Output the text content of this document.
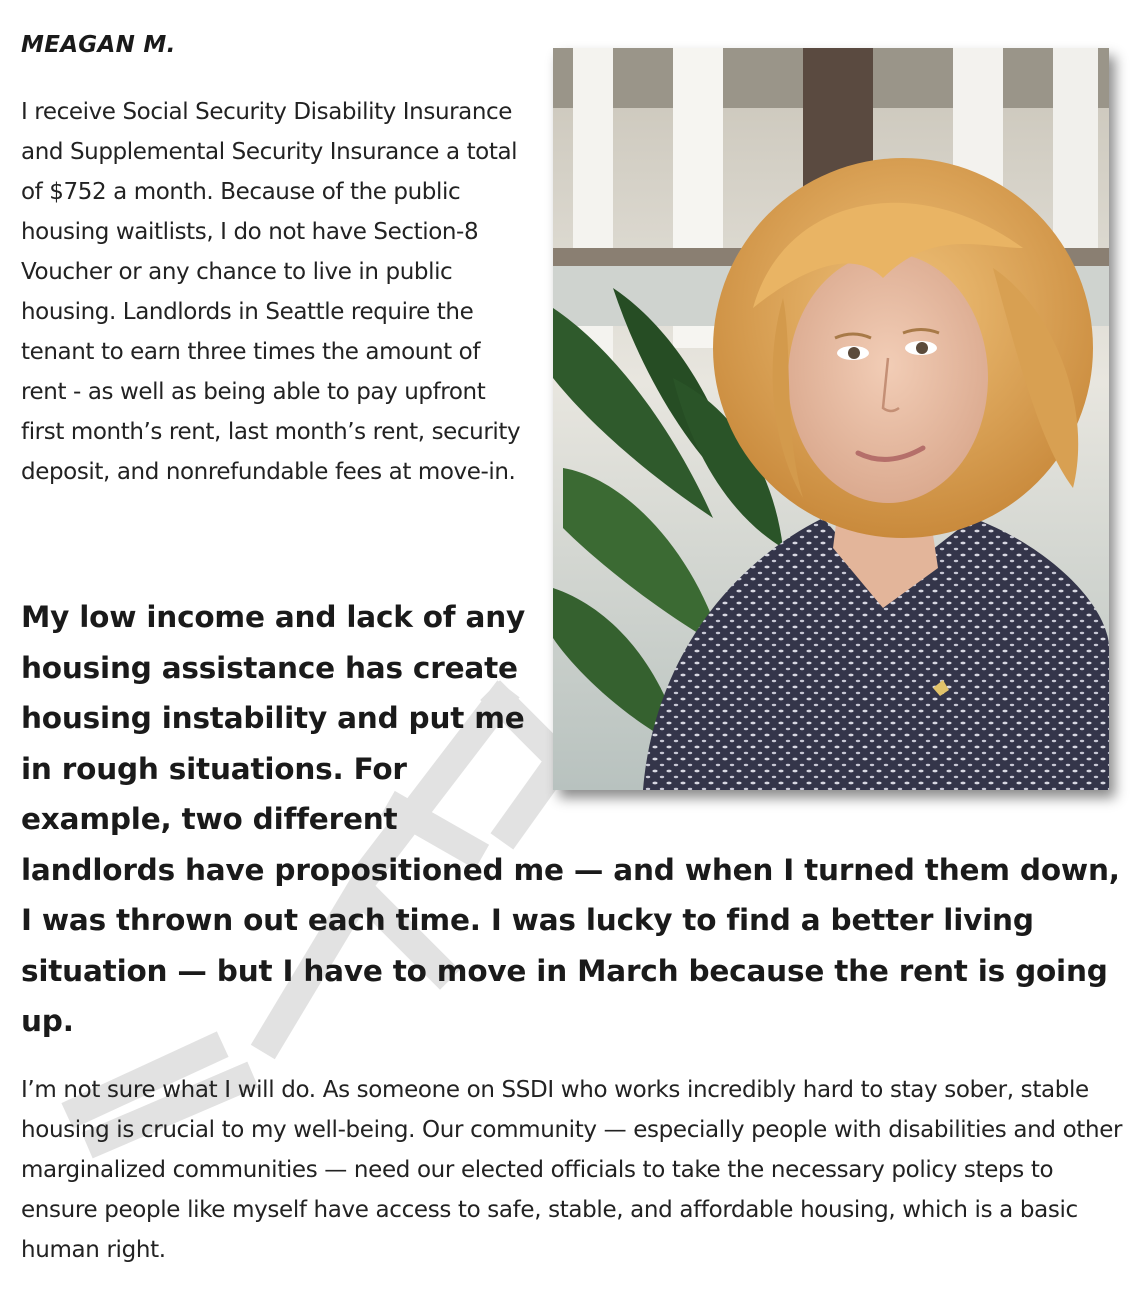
MEAGAN M.

I receive Social Security Disability Insurance and Supplemental Security Insurance a total of $752 a month. Because of the public housing waitlists, I do not have Section-8 Voucher or any chance to live in public housing. Landlords in Seattle require the tenant to earn three times the amount of rent - as well as being able to pay upfront first month’s rent, last month’s rent, security deposit, and nonrefundable fees at move-in.

My low income and lack of any housing assistance has create housing instability and put me in rough situations. For example, two different landlords have propositioned me — and when I turned them down, I was thrown out each time. I was lucky to find a better living situation — but I have to move in March because the rent is going up.

I’m not sure what I will do. As someone on SSDI who works incredibly hard to stay sober, stable housing is crucial to my well-being. Our community — especially people with disabilities and other marginalized communities — need our elected officials to take the necessary policy steps to ensure people like myself have access to safe, stable, and affordable housing, which is a basic human right.
